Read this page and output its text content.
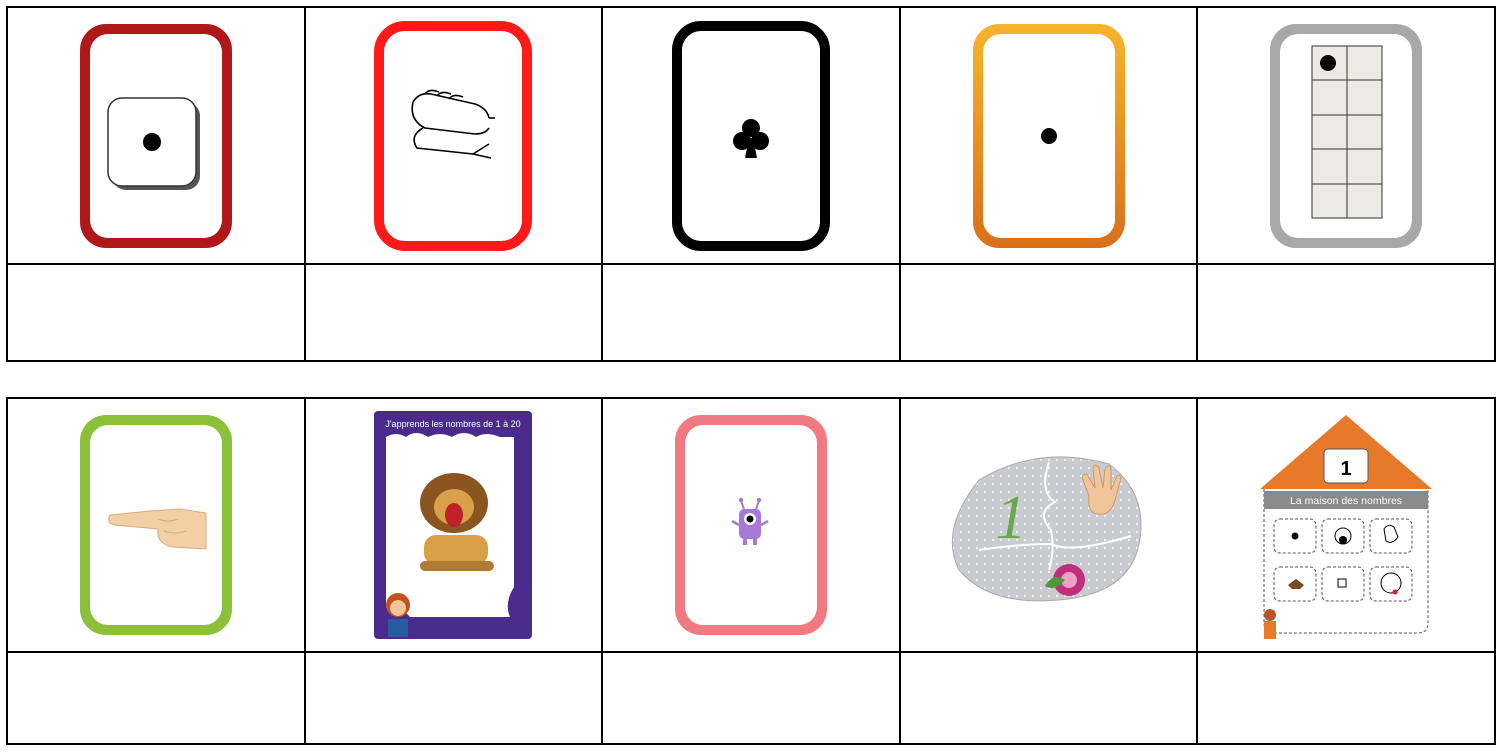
J'apprends les nombres de 1 à 20

1

1
La maison des nombres
